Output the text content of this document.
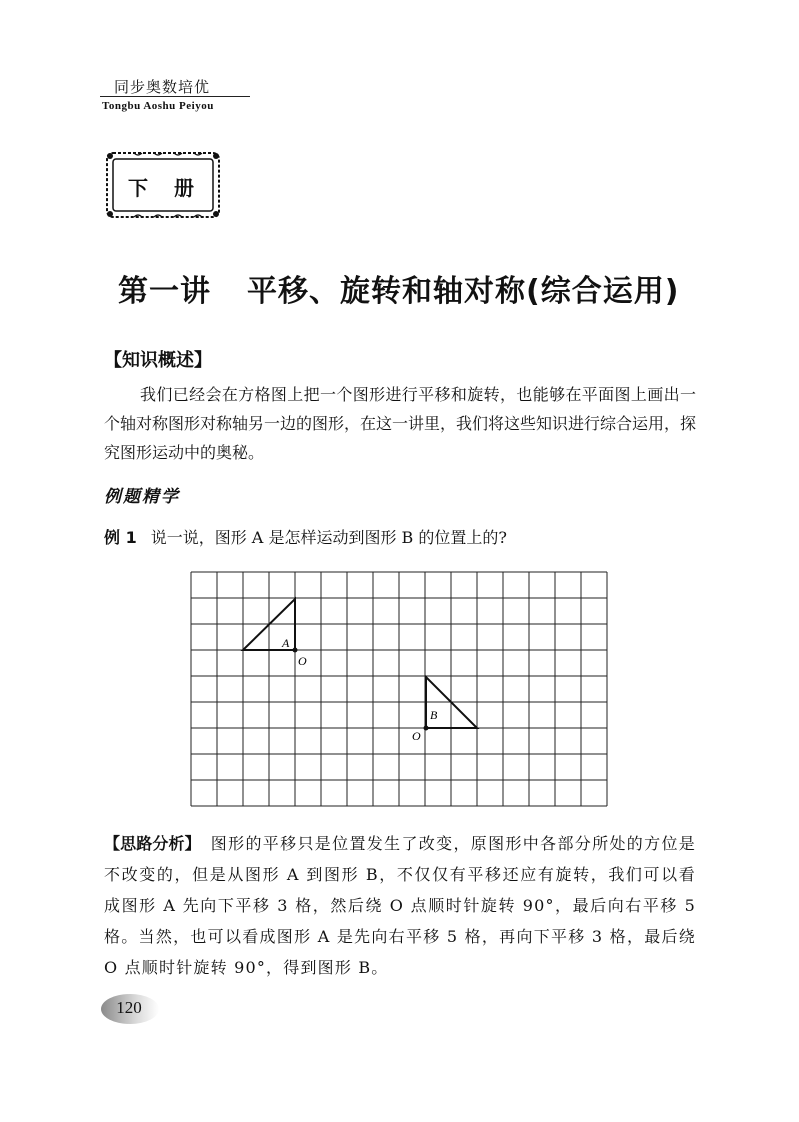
同步奥数培优
Tongbu Aoshu Peiyou
下册
第一讲 平移、旋转和轴对称(综合运用)
【知识概述】
我们已经会在方格图上把一个图形进行平移和旋转，也能够在平面图上画出一个轴对称图形对称轴另一边的图形，在这一讲里，我们将这些知识进行综合运用，探究图形运动中的奥秘。
例题精学
例 1 说一说，图形 A 是怎样运动到图形 B 的位置上的?
A
O
B
O
【思路分析】 图形的平移只是位置发生了改变，原图形中各部分所处的方位是不改变的，但是从图形 A 到图形 B，不仅仅有平移还应有旋转，我们可以看成图形 A 先向下平移 3 格，然后绕 O 点顺时针旋转 90°，最后向右平移 5 格。当然，也可以看成图形 A 是先向右平移 5 格，再向下平移 3 格，最后绕 O 点顺时针旋转 90°，得到图形 B。
120
